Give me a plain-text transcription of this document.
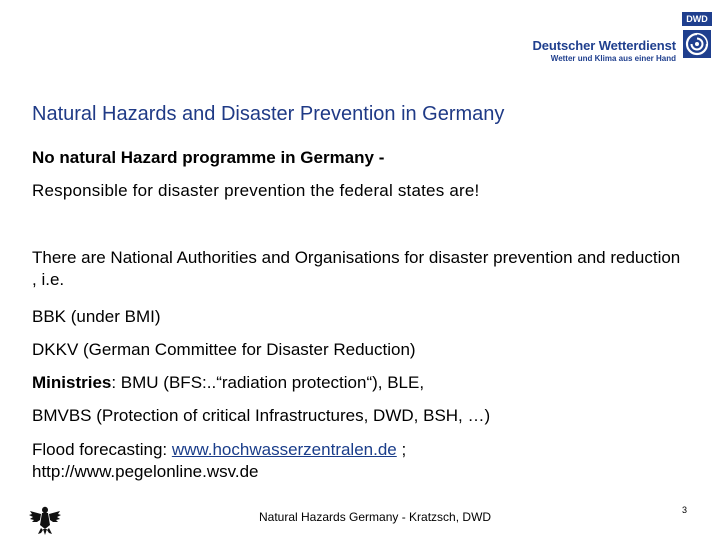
Deutscher Wetterdienst
Wetter und Klima aus einer Hand
DWD
Natural Hazards and Disaster Prevention in Germany
No natural Hazard programme in Germany -
Responsible for disaster prevention the federal states are!
There are National Authorities and Organisations for disaster prevention and reduction , i.e.
BBK (under BMI)
DKKV (German Committee for Disaster Reduction)
Ministries: BMU (BFS:..“radiation protection“), BLE,
BMVBS (Protection of critical Infrastructures, DWD, BSH, …)
Flood forecasting: www.hochwasserzentralen.de ;
http://www.pegelonline.wsv.de
Natural Hazards Germany - Kratzsch, DWD	3
